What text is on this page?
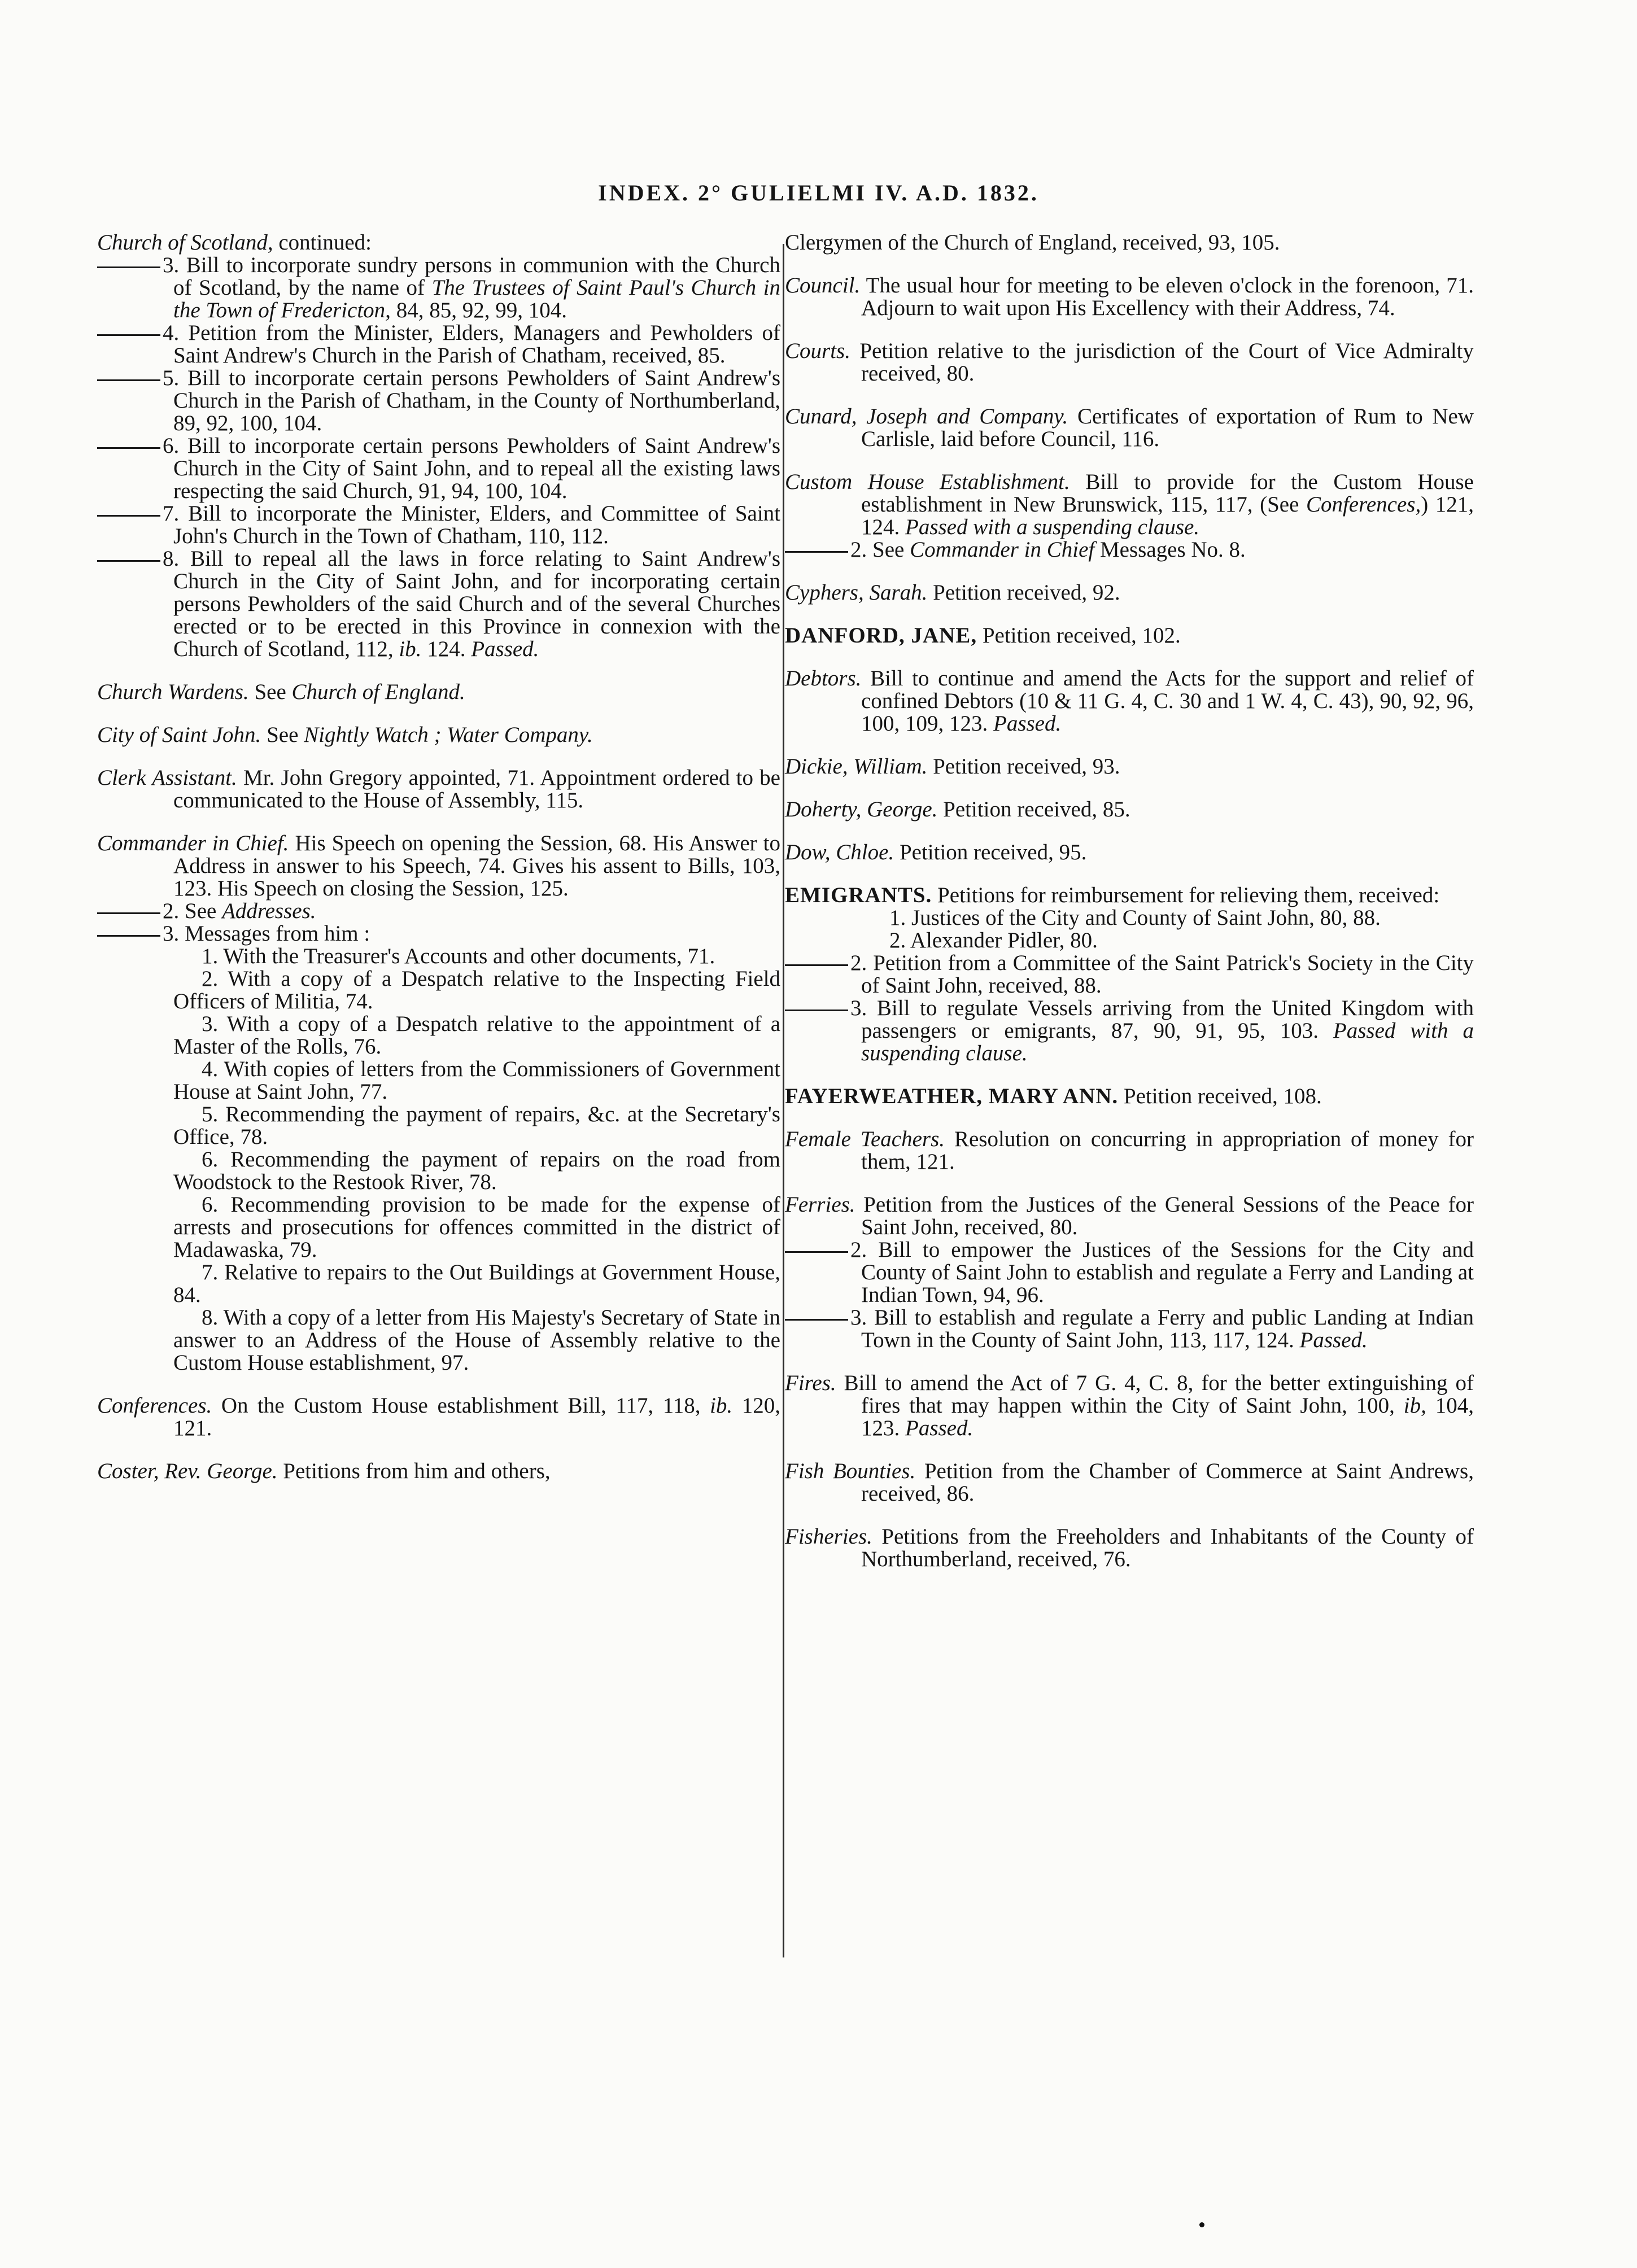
INDEX. 2° GULIELMI IV. A.D. 1832.
Church of Scotland, continued:
3. Bill to incorporate sundry persons in communion with the Church of Scotland, by the name of The Trustees of Saint Paul's Church in the Town of Fredericton, 84, 85, 92, 99, 104.
4. Petition from the Minister, Elders, Managers and Pewholders of Saint Andrew's Church in the Parish of Chatham, received, 85.
5. Bill to incorporate certain persons Pewholders of Saint Andrew's Church in the Parish of Chatham, in the County of Northumberland, 89, 92, 100, 104.
6. Bill to incorporate certain persons Pewholders of Saint Andrew's Church in the City of Saint John, and to repeal all the existing laws respecting the said Church, 91, 94, 100, 104.
7. Bill to incorporate the Minister, Elders, and Committee of Saint John's Church in the Town of Chatham, 110, 112.
8. Bill to repeal all the laws in force relating to Saint Andrew's Church in the City of Saint John, and for incorporating certain persons Pewholders of the said Church and of the several Churches erected or to be erected in this Province in connexion with the Church of Scotland, 112, ib. 124. Passed.
Church Wardens. See Church of England.
City of Saint John. See Nightly Watch ; Water Company.
Clerk Assistant. Mr. John Gregory appointed, 71. Appointment ordered to be communicated to the House of Assembly, 115.
Commander in Chief. His Speech on opening the Session, 68. His Answer to Address in answer to his Speech, 74. Gives his assent to Bills, 103, 123. His Speech on closing the Session, 125.
2. See Addresses.
3. Messages from him :
1. With the Treasurer's Accounts and other documents, 71.
2. With a copy of a Despatch relative to the Inspecting Field Officers of Militia, 74.
3. With a copy of a Despatch relative to the appointment of a Master of the Rolls, 76.
4. With copies of letters from the Commissioners of Government House at Saint John, 77.
5. Recommending the payment of repairs, &c. at the Secretary's Office, 78.
6. Recommending the payment of repairs on the road from Woodstock to the Restook River, 78.
6. Recommending provision to be made for the expense of arrests and prosecutions for offences committed in the district of Madawaska, 79.
7. Relative to repairs to the Out Buildings at Government House, 84.
8. With a copy of a letter from His Majesty's Secretary of State in answer to an Address of the House of Assembly relative to the Custom House establishment, 97.
Conferences. On the Custom House establishment Bill, 117, 118, ib. 120, 121.
Coster, Rev. George. Petitions from him and others,
Clergymen of the Church of England, received, 93, 105.
Council. The usual hour for meeting to be eleven o'clock in the forenoon, 71. Adjourn to wait upon His Excellency with their Address, 74.
Courts. Petition relative to the jurisdiction of the Court of Vice Admiralty received, 80.
Cunard, Joseph and Company. Certificates of exportation of Rum to New Carlisle, laid before Council, 116.
Custom House Establishment. Bill to provide for the Custom House establishment in New Brunswick, 115, 117, (See Conferences,) 121, 124. Passed with a suspending clause.
2. See Commander in Chief Messages No. 8.
Cyphers, Sarah. Petition received, 92.
DANFORD, JANE, Petition received, 102.
Debtors. Bill to continue and amend the Acts for the support and relief of confined Debtors (10 & 11 G. 4, C. 30 and 1 W. 4, C. 43), 90, 92, 96, 100, 109, 123. Passed.
Dickie, William. Petition received, 93.
Doherty, George. Petition received, 85.
Dow, Chloe. Petition received, 95.
EMIGRANTS. Petitions for reimbursement for relieving them, received:
1. Justices of the City and County of Saint John, 80, 88.
2. Alexander Pidler, 80.
2. Petition from a Committee of the Saint Patrick's Society in the City of Saint John, received, 88.
3. Bill to regulate Vessels arriving from the United Kingdom with passengers or emigrants, 87, 90, 91, 95, 103. Passed with a suspending clause.
FAYERWEATHER, MARY ANN. Petition received, 108.
Female Teachers. Resolution on concurring in appropriation of money for them, 121.
Ferries. Petition from the Justices of the General Sessions of the Peace for Saint John, received, 80.
2. Bill to empower the Justices of the Sessions for the City and County of Saint John to establish and regulate a Ferry and Landing at Indian Town, 94, 96.
3. Bill to establish and regulate a Ferry and public Landing at Indian Town in the County of Saint John, 113, 117, 124. Passed.
Fires. Bill to amend the Act of 7 G. 4, C. 8, for the better extinguishing of fires that may happen within the City of Saint John, 100, ib, 104, 123. Passed.
Fish Bounties. Petition from the Chamber of Commerce at Saint Andrews, received, 86.
Fisheries. Petitions from the Freeholders and Inhabitants of the County of Northumberland, received, 76.
